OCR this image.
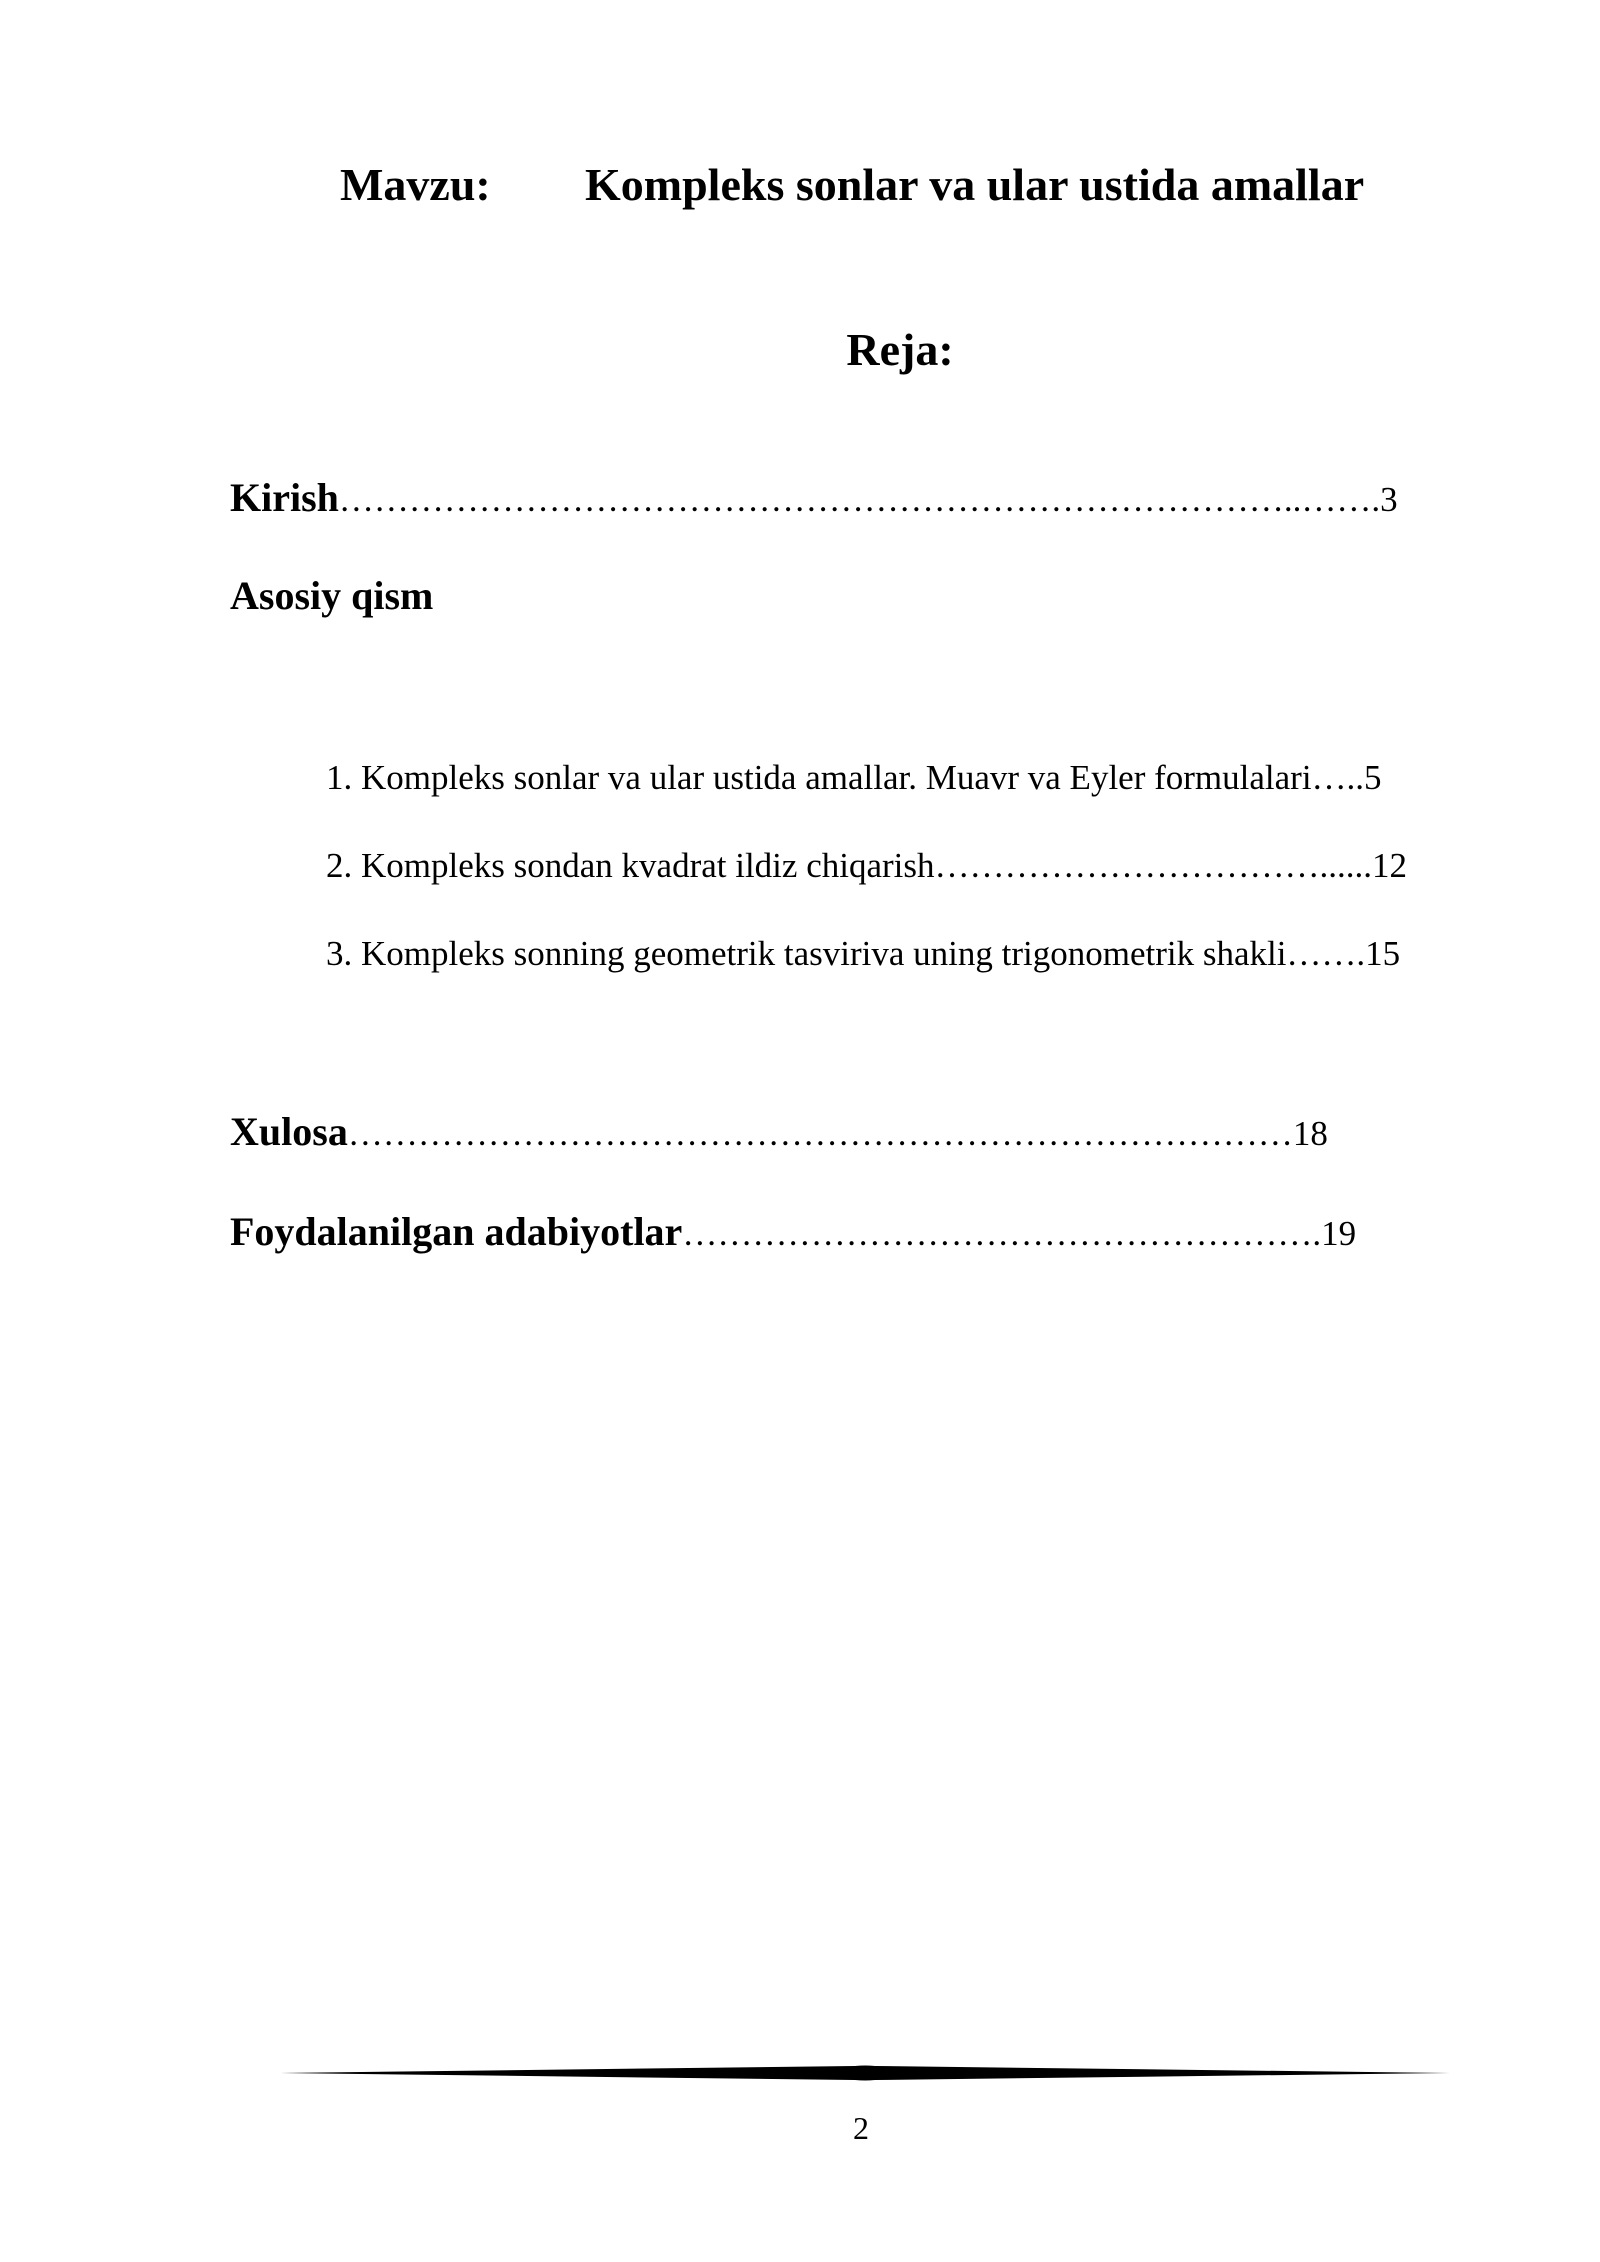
Mavzu: Kompleks sonlar va ular ustida amallar
Reja:
Kirish………………………………………………………………………..…….3
Asosiy qism
1. Kompleks sonlar va ular ustida amallar. Muavr va Eyler formulalari…..5
2. Kompleks sondan kvadrat ildiz chiqarish……………………………......12
3. Kompleks sonning geometrik tasviriva uning trigonometrik shakli…….15
Xulosa………………………………………………………………………18
Foydalanilgan adabiyotlar……………………………………………….19
2
